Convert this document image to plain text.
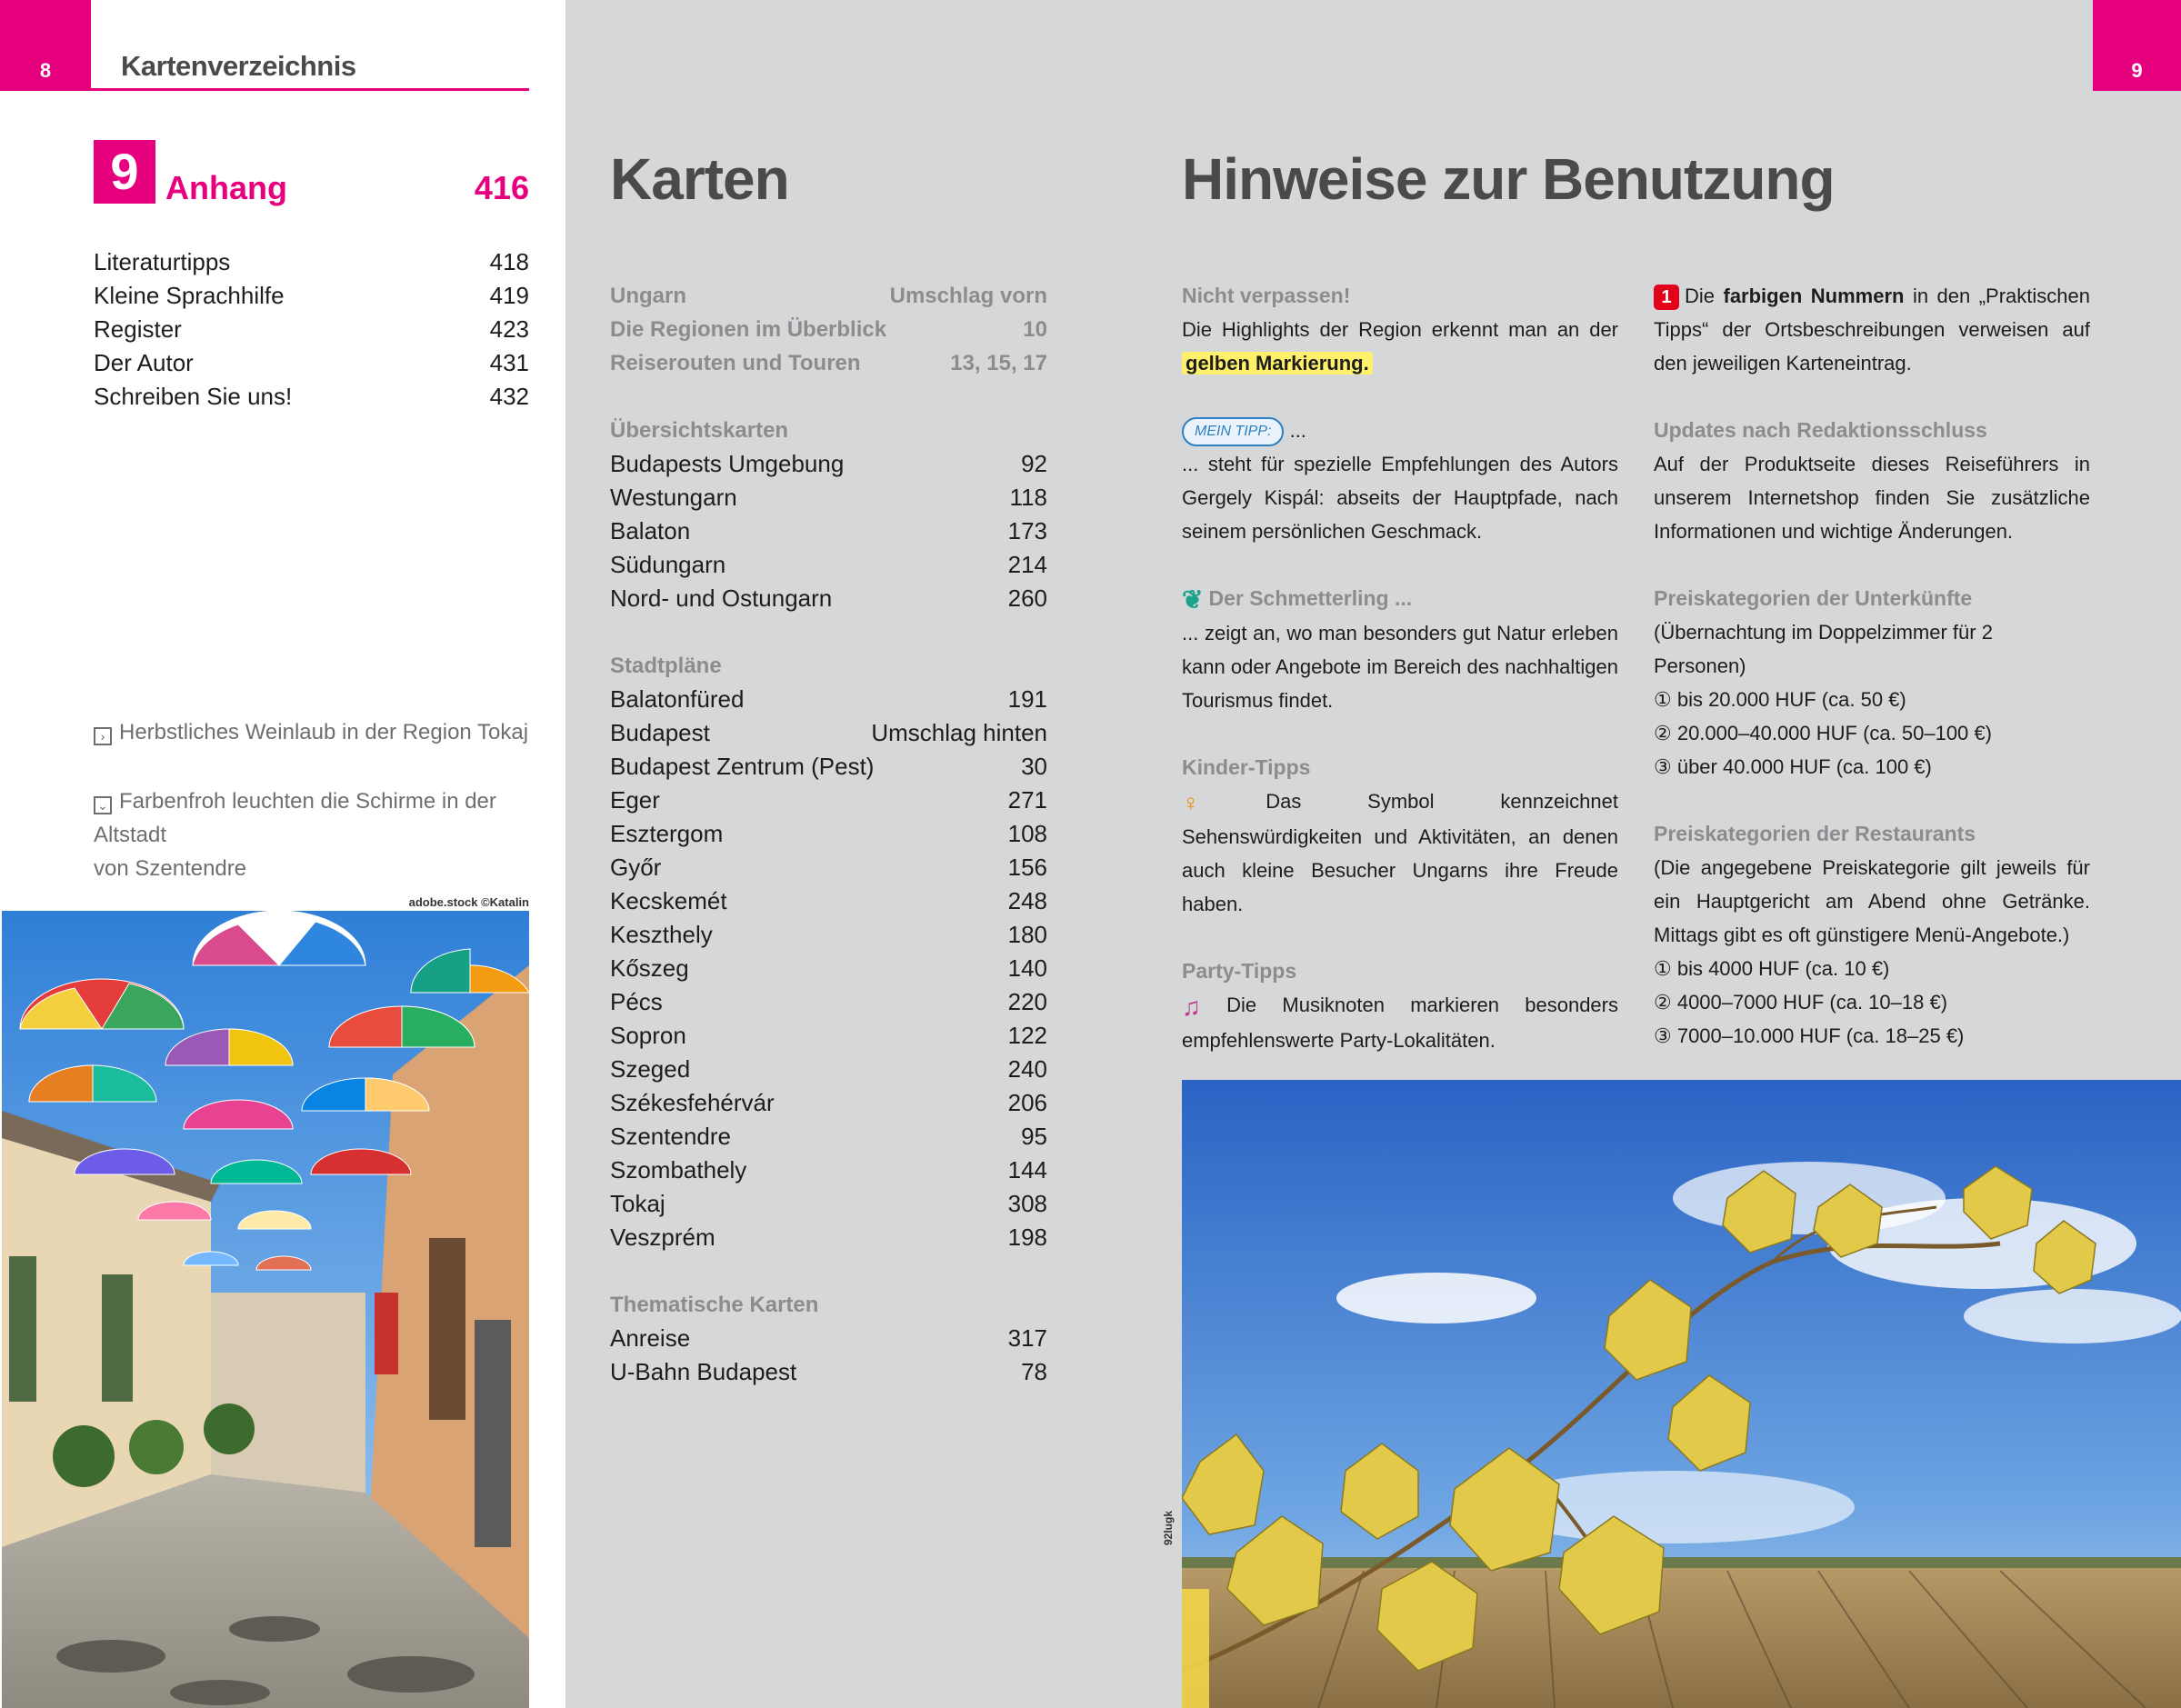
8	Kartenverzeichnis
9 Anhang	416
Literaturtipps	418
Kleine Sprachhilfe	419
Register	423
Der Autor	431
Schreiben Sie uns!	432
› Herbstliches Weinlaub in der Region Tokaj
⌄ Farbenfroh leuchten die Schirme in der Altstadt
von Szentendre
adobe.stock ©Katalin
Karten
Ungarn	Umschlag vorn
Die Regionen im Überblick	10
Reiserouten und Touren	13, 15, 17
Übersichtskarten
Budapests Umgebung	92
Westungarn	118
Balaton	173
Südungarn	214
Nord- und Ostungarn	260
Stadtpläne
Balatonfüred	191
Budapest	Umschlag hinten
Budapest Zentrum (Pest)	30
Eger	271
Esztergom	108
Győr	156
Kecskemét	248
Keszthely	180
Kőszeg	140
Pécs	220
Sopron	122
Szeged	240
Székesfehérvár	206
Szentendre	95
Szombathely	144
Tokaj	308
Veszprém	198
Thematische Karten
Anreise	317
U-Bahn Budapest	78
9
Hinweise zur Benutzung
Nicht verpassen!
Die Highlights der Region erkennt man an der gelben Markierung.
MEIN TIPP: ...
... steht für spezielle Empfehlungen des Autors Gergely Kispál: abseits der Hauptpfade, nach seinem persönlichen Geschmack.
❦ Der Schmetterling ...
... zeigt an, wo man besonders gut Natur erleben kann oder Angebote im Bereich des nachhaltigen Tourismus findet.
Kinder-Tipps
♀ Das Symbol kennzeichnet Sehenswürdigkeiten und Aktivitäten, an denen auch kleine Besucher Ungarns ihre Freude haben.
Party-Tipps
♫ Die Musiknoten markieren besonders empfehlenswerte Party-Lokalitäten.
1 Die farbigen Nummern in den „Praktischen Tipps“ der Ortsbeschreibungen verweisen auf den jeweiligen Karteneintrag.
Updates nach Redaktionsschluss
Auf der Produktseite dieses Reiseführers in unserem Internetshop finden Sie zusätzliche Informationen und wichtige Änderungen.
Preiskategorien der Unterkünfte
(Übernachtung im Doppelzimmer für 2 Personen)
① bis 20.000 HUF (ca. 50 €)
② 20.000–40.000 HUF (ca. 50–100 €)
③ über 40.000 HUF (ca. 100 €)
Preiskategorien der Restaurants
(Die angegebene Preiskategorie gilt jeweils für ein Hauptgericht am Abend ohne Getränke. Mittags gibt es oft günstigere Menü-Angebote.)
① bis 4000 HUF (ca. 10 €)
② 4000–7000 HUF (ca. 10–18 €)
③ 7000–10.000 HUF (ca. 18–25 €)
92lugk
